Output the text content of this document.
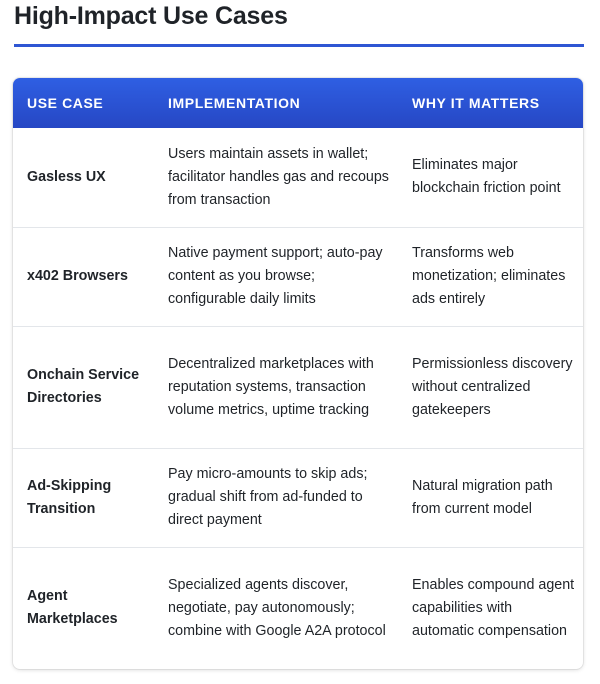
High-Impact Use Cases
USE CASE	IMPLEMENTATION	WHY IT MATTERS
Gasless UX	Users maintain assets in wallet; facilitator handles gas and recoups from transaction	Eliminates major blockchain friction point
x402 Browsers	Native payment support; auto-pay content as you browse; configurable daily limits	Transforms web monetization; eliminates ads entirely
Onchain Service Directories	Decentralized marketplaces with reputation systems, transaction volume metrics, uptime tracking	Permissionless discovery without centralized gatekeepers
Ad-Skipping Transition	Pay micro-amounts to skip ads; gradual shift from ad-funded to direct payment	Natural migration path from current model
Agent Marketplaces	Specialized agents discover, negotiate, pay autonomously; combine with Google A2A protocol	Enables compound agent capabilities with automatic compensation
